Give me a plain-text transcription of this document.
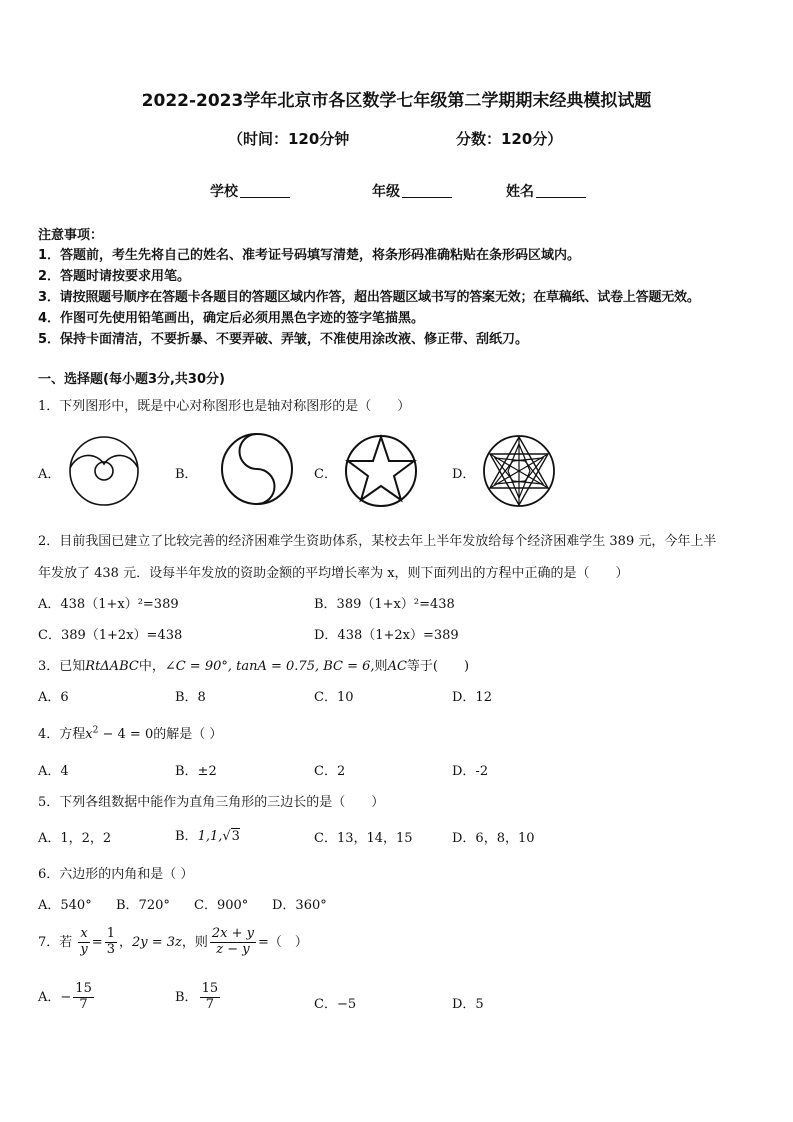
2022-2023学年北京市各区数学七年级第二学期期末经典模拟试题
（时间：120分钟	分数：120分）
学校	年级	姓名
注意事项：
1．答题前，考生先将自己的姓名、准考证号码填写清楚，将条形码准确粘贴在条形码区域内。
2．答题时请按要求用笔。
3．请按照题号顺序在答题卡各题目的答题区域内作答，超出答题区域书写的答案无效；在草稿纸、试卷上答题无效。
4．作图可先使用铅笔画出，确定后必须用黑色字迹的签字笔描黑。
5．保持卡面清洁，不要折暴、不要弄破、弄皱，不准使用涂改液、修正带、刮纸刀。
一、选择题(每小题3分,共30分)
1．下列图形中，既是中心对称图形也是轴对称图形的是（　　）
A．	B．	C．	D．
2．目前我国已建立了比较完善的经济困难学生资助体系，某校去年上半年发放给每个经济困难学生 389 元，今年上半
年发放了 438 元．设每半年发放的资助金额的平均增长率为 x，则下面列出的方程中正确的是（　　）
A．438（1+x）²=389	B．389（1+x）²=438
C．389（1+2x）=438	D．438（1+2x）=389
3．已知RtΔABC中，∠C = 90°, tanA = 0.75, BC = 6,则AC等于(　　)
A．6	B．8	C．10	D．12
4．方程$x^2 - 4 = 0$的解是（ ）
A．4	B．±2	C．2	D．-2
5．下列各组数据中能作为直角三角形的三边长的是（　　）
A．1，2，2	B．1,1,√3	C．13，14，15	D．6，8，10
6．六边形的内角和是（ ）
A．540° B．720° C．900° D．360°
7．若 $\frac{x}{y} = \frac{1}{3}$ ，2y = 3z，则 $\frac{2x + y}{z - y}$ =（　）
A．− $\frac{15}{7}$	B． $\frac{15}{7}$	C．−5	D．5
